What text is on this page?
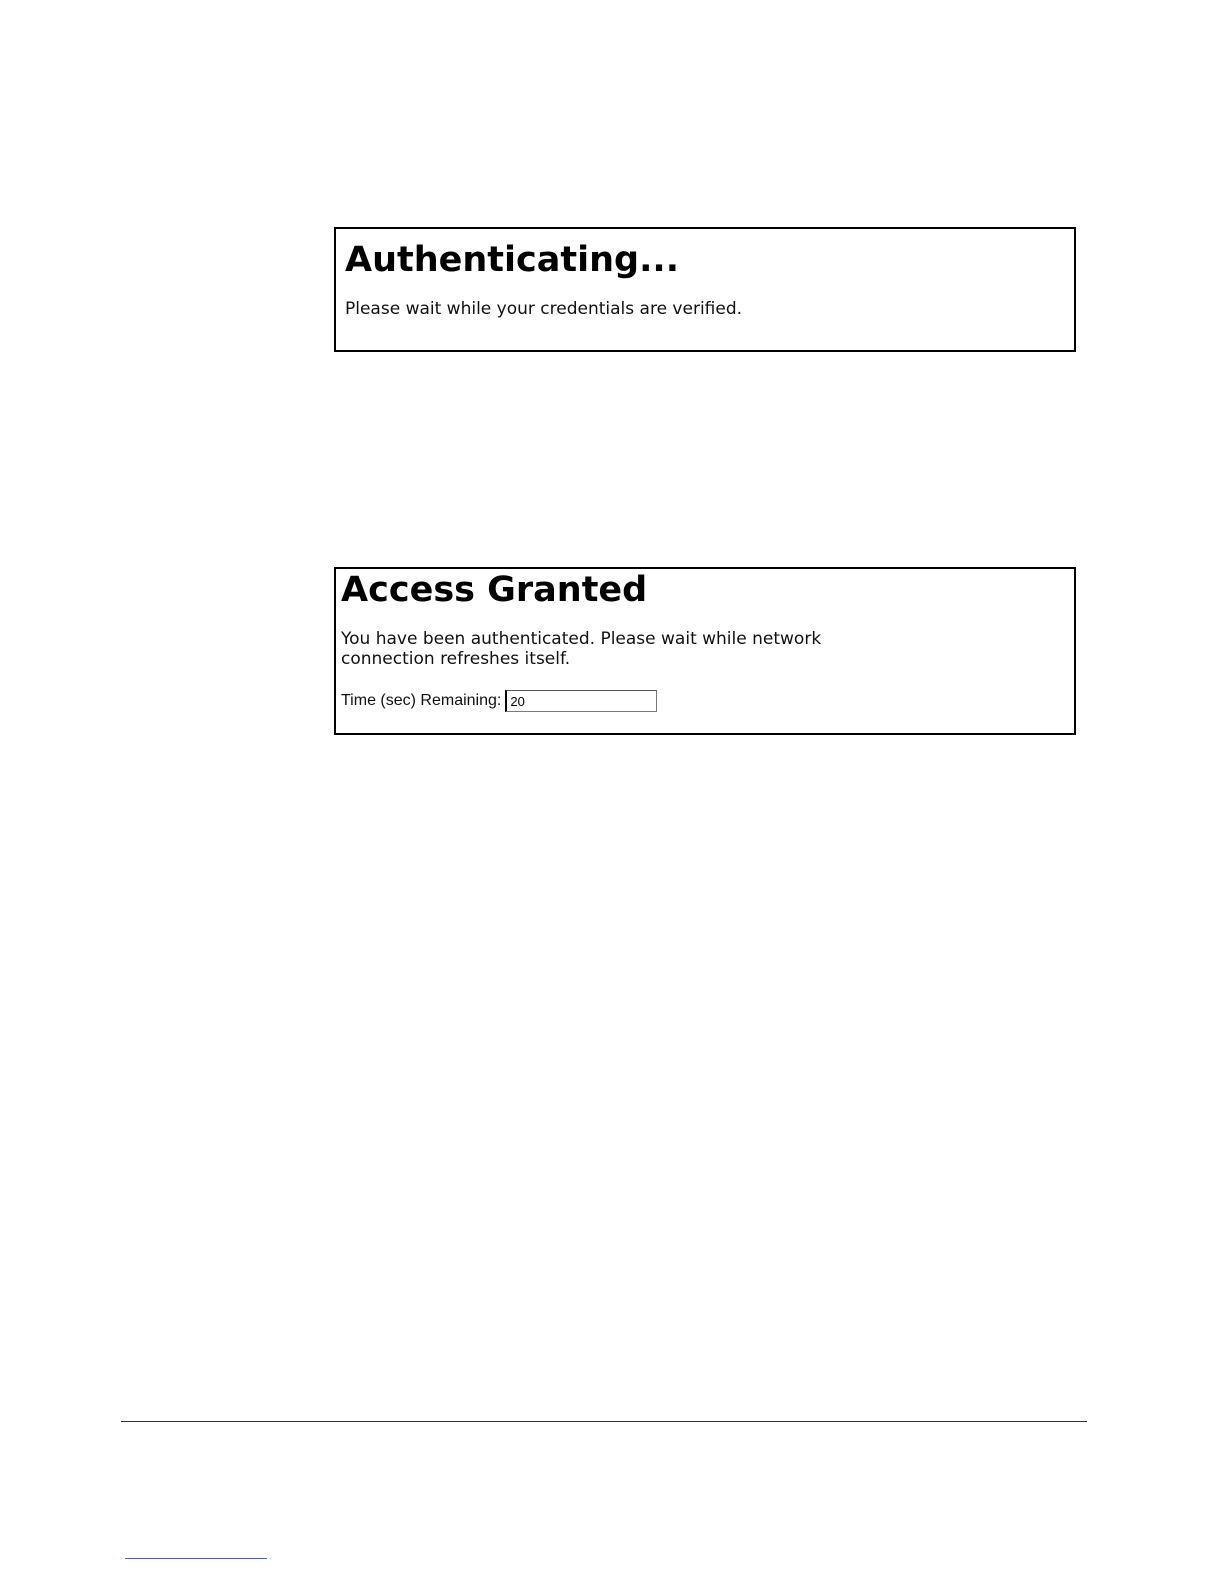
Authenticating...

Please wait while your credentials are verified.

Access Granted

You have been authenticated. Please wait while network connection refreshes itself.

Time (sec) Remaining:
20
